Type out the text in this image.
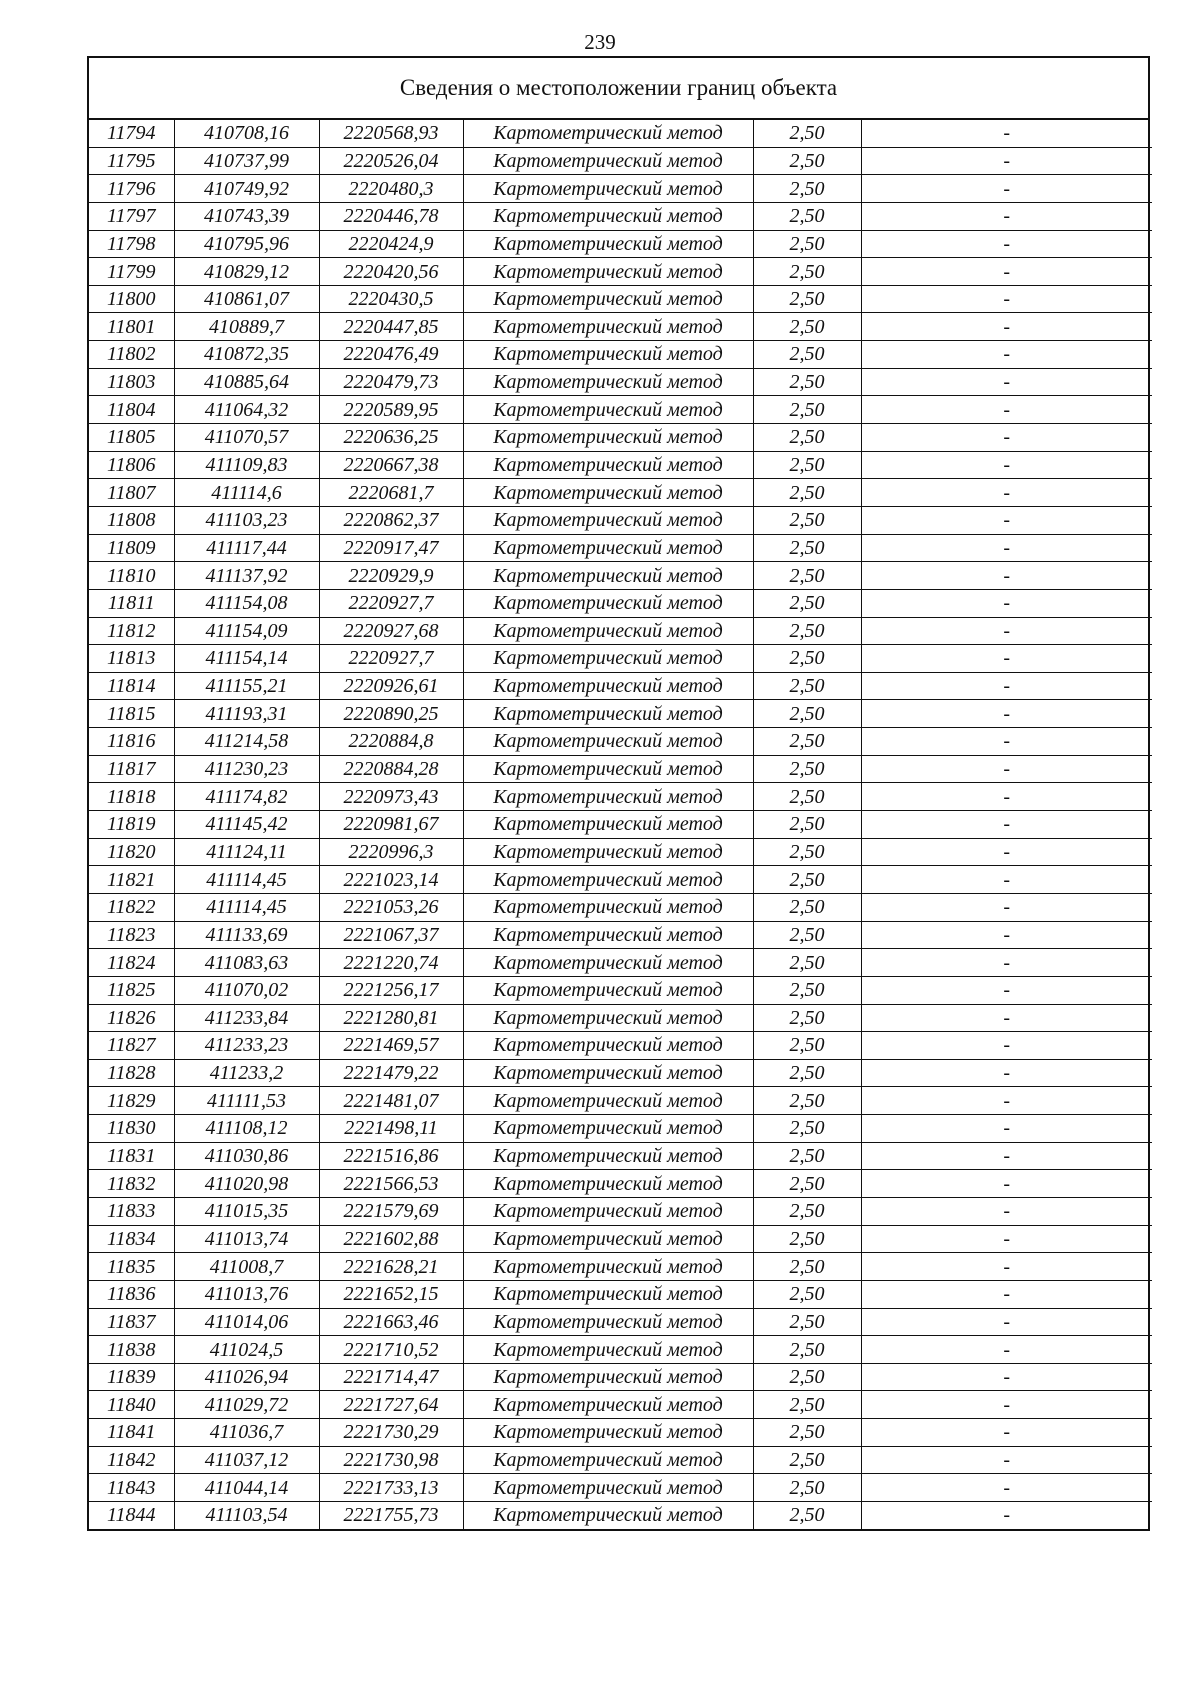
239
Сведения о местоположении границ объекта
11794	410708,16	2220568,93	Картометрический метод	2,50	-
11795	410737,99	2220526,04	Картометрический метод	2,50	-
11796	410749,92	2220480,3	Картометрический метод	2,50	-
11797	410743,39	2220446,78	Картометрический метод	2,50	-
11798	410795,96	2220424,9	Картометрический метод	2,50	-
11799	410829,12	2220420,56	Картометрический метод	2,50	-
11800	410861,07	2220430,5	Картометрический метод	2,50	-
11801	410889,7	2220447,85	Картометрический метод	2,50	-
11802	410872,35	2220476,49	Картометрический метод	2,50	-
11803	410885,64	2220479,73	Картометрический метод	2,50	-
11804	411064,32	2220589,95	Картометрический метод	2,50	-
11805	411070,57	2220636,25	Картометрический метод	2,50	-
11806	411109,83	2220667,38	Картометрический метод	2,50	-
11807	411114,6	2220681,7	Картометрический метод	2,50	-
11808	411103,23	2220862,37	Картометрический метод	2,50	-
11809	411117,44	2220917,47	Картометрический метод	2,50	-
11810	411137,92	2220929,9	Картометрический метод	2,50	-
11811	411154,08	2220927,7	Картометрический метод	2,50	-
11812	411154,09	2220927,68	Картометрический метод	2,50	-
11813	411154,14	2220927,7	Картометрический метод	2,50	-
11814	411155,21	2220926,61	Картометрический метод	2,50	-
11815	411193,31	2220890,25	Картометрический метод	2,50	-
11816	411214,58	2220884,8	Картометрический метод	2,50	-
11817	411230,23	2220884,28	Картометрический метод	2,50	-
11818	411174,82	2220973,43	Картометрический метод	2,50	-
11819	411145,42	2220981,67	Картометрический метод	2,50	-
11820	411124,11	2220996,3	Картометрический метод	2,50	-
11821	411114,45	2221023,14	Картометрический метод	2,50	-
11822	411114,45	2221053,26	Картометрический метод	2,50	-
11823	411133,69	2221067,37	Картометрический метод	2,50	-
11824	411083,63	2221220,74	Картометрический метод	2,50	-
11825	411070,02	2221256,17	Картометрический метод	2,50	-
11826	411233,84	2221280,81	Картометрический метод	2,50	-
11827	411233,23	2221469,57	Картометрический метод	2,50	-
11828	411233,2	2221479,22	Картометрический метод	2,50	-
11829	411111,53	2221481,07	Картометрический метод	2,50	-
11830	411108,12	2221498,11	Картометрический метод	2,50	-
11831	411030,86	2221516,86	Картометрический метод	2,50	-
11832	411020,98	2221566,53	Картометрический метод	2,50	-
11833	411015,35	2221579,69	Картометрический метод	2,50	-
11834	411013,74	2221602,88	Картометрический метод	2,50	-
11835	411008,7	2221628,21	Картометрический метод	2,50	-
11836	411013,76	2221652,15	Картометрический метод	2,50	-
11837	411014,06	2221663,46	Картометрический метод	2,50	-
11838	411024,5	2221710,52	Картометрический метод	2,50	-
11839	411026,94	2221714,47	Картометрический метод	2,50	-
11840	411029,72	2221727,64	Картометрический метод	2,50	-
11841	411036,7	2221730,29	Картометрический метод	2,50	-
11842	411037,12	2221730,98	Картометрический метод	2,50	-
11843	411044,14	2221733,13	Картометрический метод	2,50	-
11844	411103,54	2221755,73	Картометрический метод	2,50	-
